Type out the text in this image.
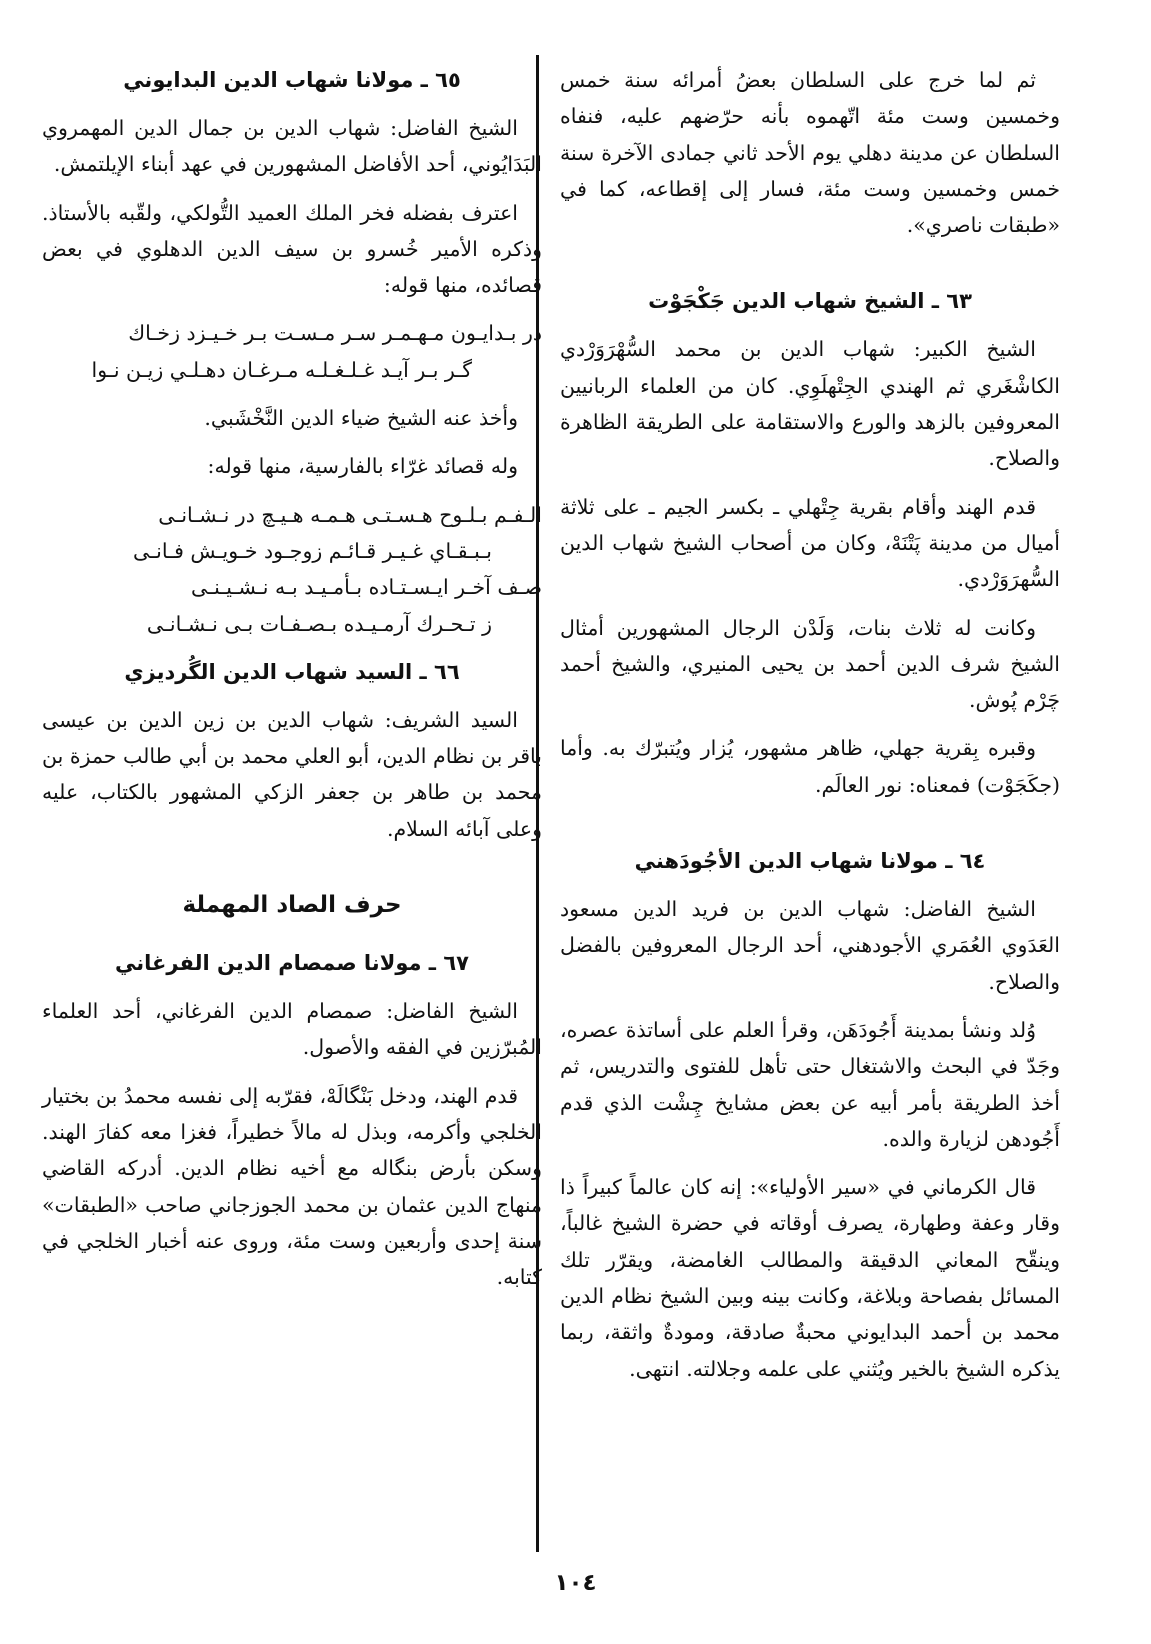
ثم لما خرج على السلطان بعضُ أمرائه سنة خمس وخمسين وست مئة اتّهموه بأنه حرّضهم عليه، فنفاه السلطان عن مدينة دهلي يوم الأحد ثاني جمادى الآخرة سنة خمس وخمسين وست مئة، فسار إلى إقطاعه، كما في «طبقات ناصري».

٦٣ ـ الشيخ شهاب الدين جَكْجَوْت

الشيخ الكبير: شهاب الدين بن محمد السُّهْرَوَرْدي الكاشْغَري ثم الهندي الجِتْهلَوِي. كان من العلماء الربانيين المعروفين بالزهد والورع والاستقامة على الطريقة الظاهرة والصلاح.

قدم الهند وأقام بقرية جِتْهلي ـ بكسر الجيم ـ على ثلاثة أميال من مدينة پَتْنَهْ، وكان من أصحاب الشيخ شهاب الدين السُّهرَوَرْدي.

وكانت له ثلاث بنات، وَلَدْن الرجال المشهورين أمثال الشيخ شرف الدين أحمد بن يحيى المنيري، والشيخ أحمد چَرْم پُوش.

وقبره بِقرية جهلي، ظاهر مشهور، يُزار ويُتبرّك به. وأما (جكَجَوْت) فمعناه: نور العالَم.

٦٤ ـ مولانا شهاب الدين الأجُودَهني

الشيخ الفاضل: شهاب الدين بن فريد الدين مسعود العَدَوي العُمَري الأجودهني، أحد الرجال المعروفين بالفضل والصلاح.

وُلد ونشأ بمدينة أَجُودَهَن، وقرأ العلم على أساتذة عصره، وجَدّ في البحث والاشتغال حتى تأهل للفتوى والتدريس، ثم أخذ الطريقة بأمر أبيه عن بعض مشايخ چِشْت الذي قدم أَجُودهن لزيارة والده.

قال الكرماني في «سير الأولياء»: إنه كان عالماً كبيراً ذا وقار وعفة وطهارة، يصرف أوقاته في حضرة الشيخ غالباً، وينقّح المعاني الدقيقة والمطالب الغامضة، ويقرّر تلك المسائل بفصاحة وبلاغة، وكانت بينه وبين الشيخ نظام الدين محمد بن أحمد البدايوني محبةٌ صادقة، ومودةٌ واثقة، ربما يذكره الشيخ بالخير ويُثني على علمه وجلالته. انتهى.

٦٥ ـ مولانا شهاب الدين البدايوني

الشيخ الفاضل: شهاب الدين بن جمال الدين المهمروي البَدَايُوني، أحد الأفاضل المشهورين في عهد أبناء الإيلتمش.

اعترف بفضله فخر الملك العميد التُّولكي، ولقّبه بالأستاذ. وذكره الأمير خُسرو بن سيف الدين الدهلوي في بعض قصائده، منها قوله:

در بـدايـون مـهـمـر سـر مـسـت بـر خـيـزد زخـاك

گـر بـر آيـد غـلـغـلـه مـرغـان دهـلـي زيـن نـوا

وأخذ عنه الشيخ ضياء الدين النَّخْشَبي.

وله قصائد غرّاء بالفارسية، منها قوله:

الـفـم بـلـوح هـسـتـى هـمـه هـيـچ در نـشـانـى

بـبـقـاي غـيـر قـائـم زوجـود خـويـش فـانـى

صـف آخـر ايـسـتـاده بـأمـيـد بـه نـشـيـنـى

ز تـحـرك آرمـيـده بـصـفـات بـى نـشـانـى

٦٦ ـ السيد شهاب الدين الگُرديزي

السيد الشريف: شهاب الدين بن زين الدين بن عيسى باقر بن نظام الدين، أبو العلي محمد بن أبي طالب حمزة بن محمد بن طاهر بن جعفر الزكي المشهور بالكتاب، عليه وعلى آبائه السلام.

حرف الصاد المهملة
٦٧ ـ مولانا صمصام الدين الفرغاني

الشيخ الفاضل: صمصام الدين الفرغاني، أحد العلماء المُبرّزين في الفقه والأصول.

قدم الهند، ودخل بَنْگالَهْ، فقرّبه إلى نفسه محمدُ بن بختيار الخلجي وأكرمه، وبذل له مالاً خطيراً، فغزا معه كفارَ الهند. وسكن بأرض بنگاله مع أخيه نظام الدين. أدركه القاضي منهاج الدين عثمان بن محمد الجوزجاني صاحب «الطبقات» سنة إحدى وأربعين وست مئة، وروى عنه أخبار الخلجي في كتابه.

١٠٤
